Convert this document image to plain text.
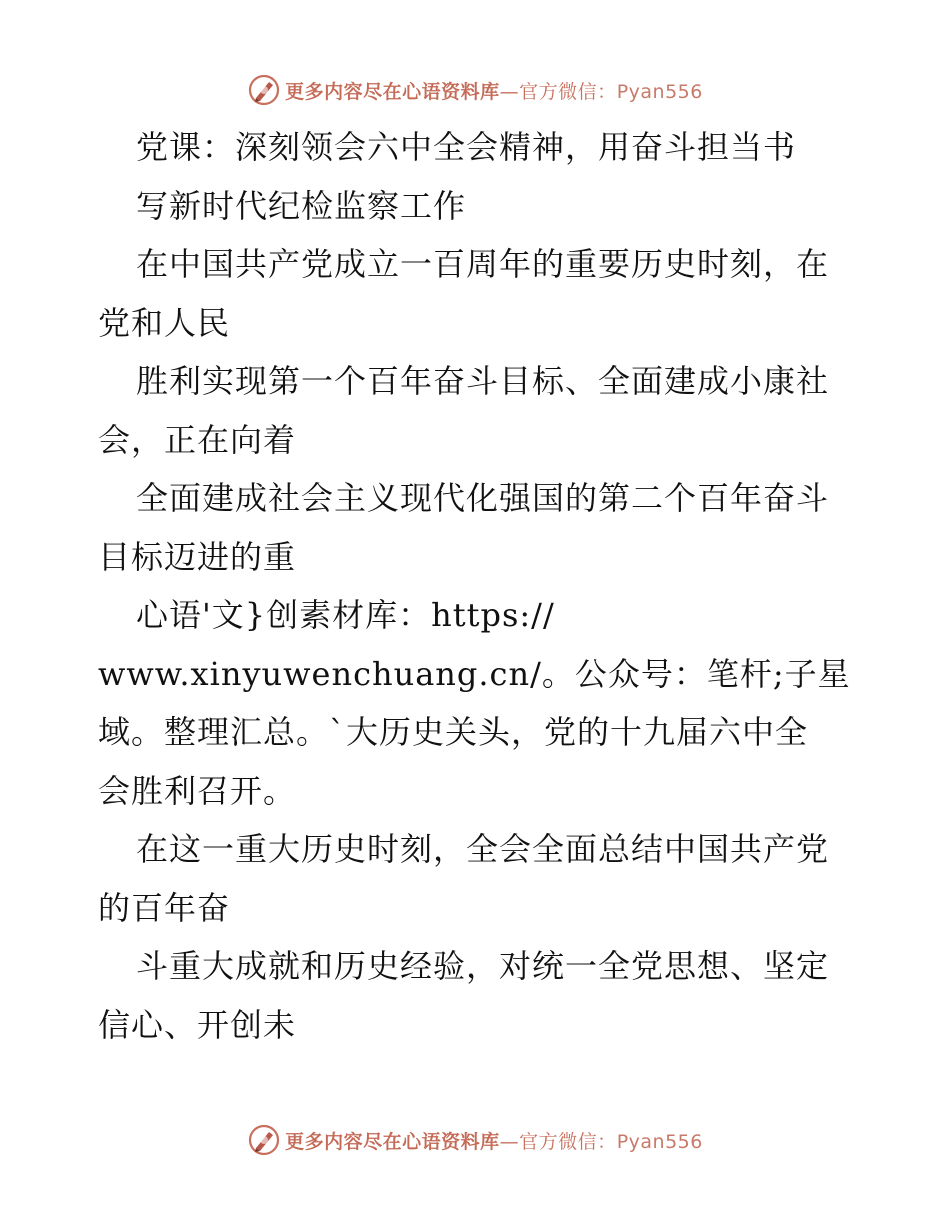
更多内容尽在心语资料库—官方微信：Pyan556
党课：深刻领会六中全会精神，用奋斗担当书
写新时代纪检监察工作
在中国共产党成立一百周年的重要历史时刻，在
党和人民
胜利实现第一个百年奋斗目标、全面建成小康社
会，正在向着
全面建成社会主义现代化强国的第二个百年奋斗
目标迈进的重
心语'文}创素材库：https://
www.xinyuwenchuang.cn/。公众号：笔杆;子星
域。整理汇总。`大历史关头，党的十九届六中全
会胜利召开。
在这一重大历史时刻，全会全面总结中国共产党
的百年奋
斗重大成就和历史经验，对统一全党思想、坚定
信心、开创未
更多内容尽在心语资料库—官方微信：Pyan556
